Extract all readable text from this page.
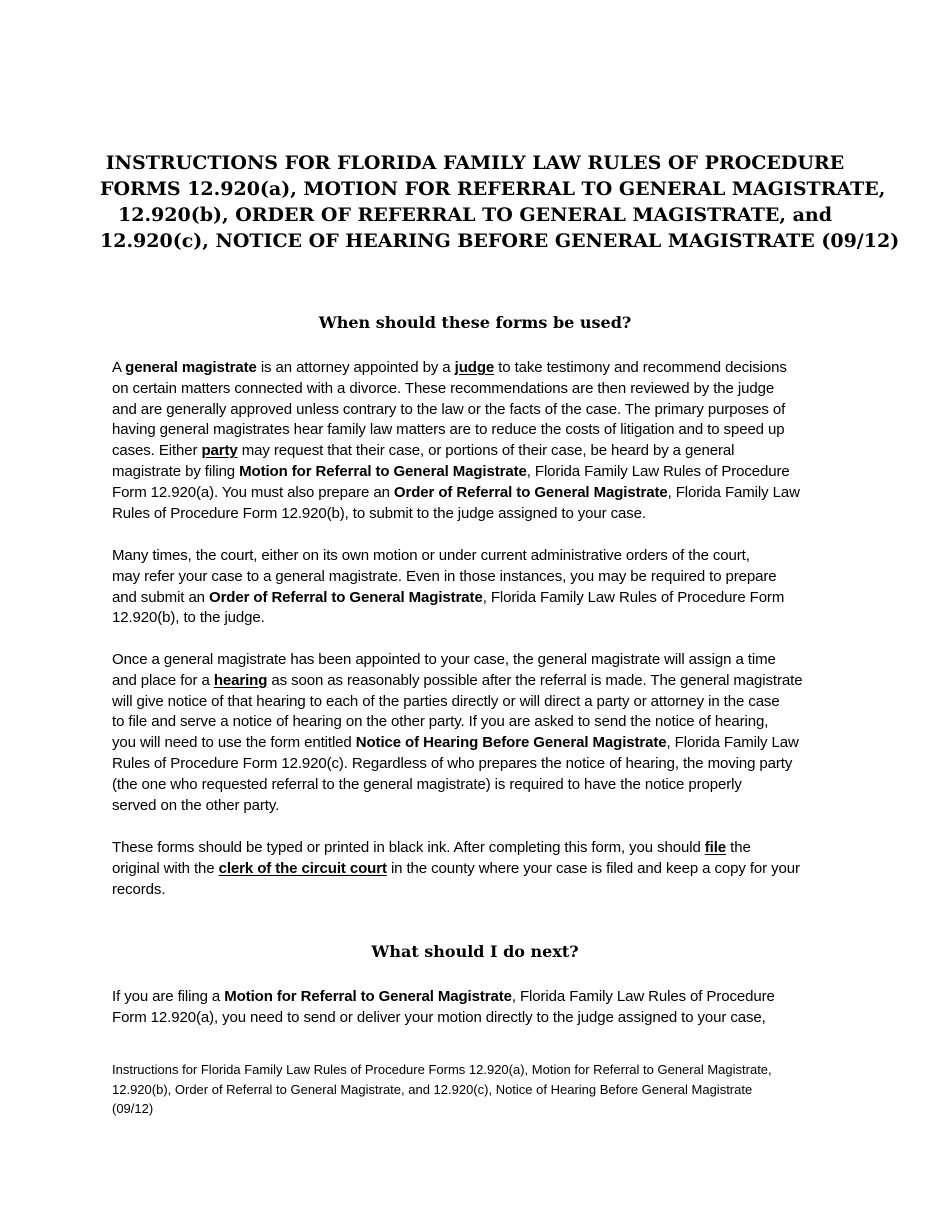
INSTRUCTIONS FOR FLORIDA FAMILY LAW RULES OF PROCEDURE
FORMS 12.920(a), MOTION FOR REFERRAL TO GENERAL MAGISTRATE,
12.920(b), ORDER OF REFERRAL TO GENERAL MAGISTRATE, and
12.920(c), NOTICE OF HEARING BEFORE GENERAL MAGISTRATE (09/12)
When should these forms be used?

A general magistrate is an attorney appointed by a judge to take testimony and recommend decisions
on certain matters connected with a divorce. These recommendations are then reviewed by the judge
and are generally approved unless contrary to the law or the facts of the case. The primary purposes of
having general magistrates hear family law matters are to reduce the costs of litigation and to speed up
cases. Either party may request that their case, or portions of their case, be heard by a general
magistrate by filing Motion for Referral to General Magistrate, Florida Family Law Rules of Procedure
Form 12.920(a). You must also prepare an Order of Referral to General Magistrate, Florida Family Law
Rules of Procedure Form 12.920(b), to submit to the judge assigned to your case.

Many times, the court, either on its own motion or under current administrative orders of the court,
may refer your case to a general magistrate. Even in those instances, you may be required to prepare
and submit an Order of Referral to General Magistrate, Florida Family Law Rules of Procedure Form
12.920(b), to the judge.

Once a general magistrate has been appointed to your case, the general magistrate will assign a time
and place for a hearing as soon as reasonably possible after the referral is made. The general magistrate
will give notice of that hearing to each of the parties directly or will direct a party or attorney in the case
to file and serve a notice of hearing on the other party. If you are asked to send the notice of hearing,
you will need to use the form entitled Notice of Hearing Before General Magistrate, Florida Family Law
Rules of Procedure Form 12.920(c). Regardless of who prepares the notice of hearing, the moving party
(the one who requested referral to the general magistrate) is required to have the notice properly
served on the other party.

These forms should be typed or printed in black ink. After completing this form, you should file the
original with the clerk of the circuit court in the county where your case is filed and keep a copy for your
records.

What should I do next?

If you are filing a Motion for Referral to General Magistrate, Florida Family Law Rules of Procedure
Form 12.920(a), you need to send or deliver your motion directly to the judge assigned to your case,

Instructions for Florida Family Law Rules of Procedure Forms 12.920(a), Motion for Referral to General Magistrate,
12.920(b), Order of Referral to General Magistrate, and 12.920(c), Notice of Hearing Before General Magistrate
(09/12)
